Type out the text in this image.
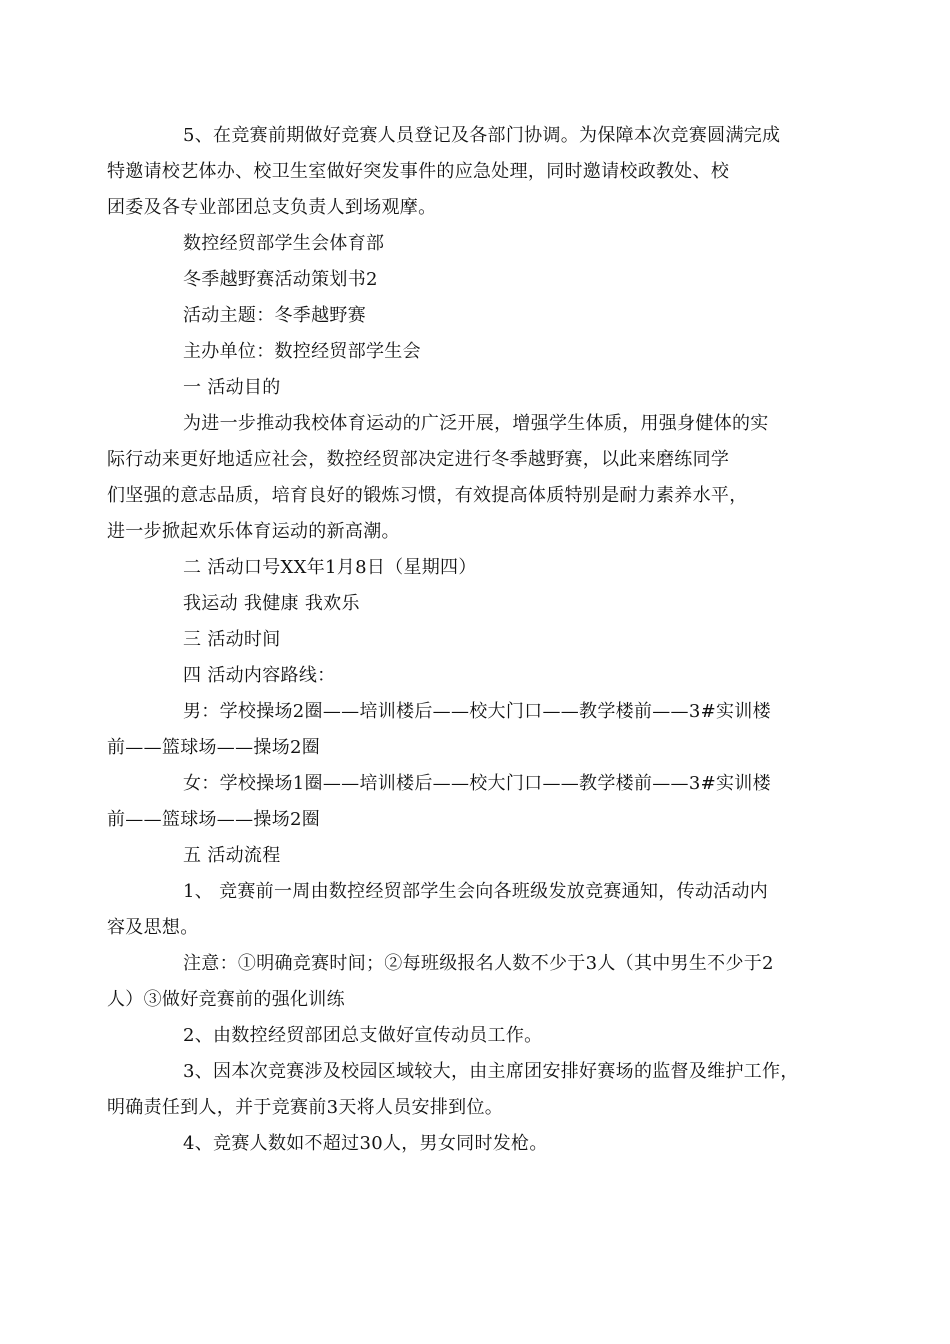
5、在竞赛前期做好竞赛人员登记及各部门协调。为保障本次竞赛圆满完成
特邀请校艺体办、校卫生室做好突发事件的应急处理，同时邀请校政教处、校
团委及各专业部团总支负责人到场观摩。

数控经贸部学生会体育部

冬季越野赛活动策划书2

活动主题：冬季越野赛

主办单位：数控经贸部学生会

一 活动目的

为进一步推动我校体育运动的广泛开展，增强学生体质，用强身健体的实
际行动来更好地适应社会，数控经贸部决定进行冬季越野赛，以此来磨练同学
们坚强的意志品质，培育良好的锻炼习惯，有效提高体质特别是耐力素养水平，
进一步掀起欢乐体育运动的新高潮。

二 活动口号XX年1月8日（星期四）

我运动 我健康 我欢乐

三 活动时间

四 活动内容路线：

男：学校操场2圈——培训楼后——校大门口——教学楼前——3#实训楼
前——篮球场——操场2圈

女：学校操场1圈——培训楼后——校大门口——教学楼前——3#实训楼
前——篮球场——操场2圈

五 活动流程

1、 竞赛前一周由数控经贸部学生会向各班级发放竞赛通知，传动活动内
容及思想。

注意：①明确竞赛时间；②每班级报名人数不少于3人（其中男生不少于2
人）③做好竞赛前的强化训练

2、由数控经贸部团总支做好宣传动员工作。

3、因本次竞赛涉及校园区域较大，由主席团安排好赛场的监督及维护工作，
明确责任到人，并于竞赛前3天将人员安排到位。

4、竞赛人数如不超过30人，男女同时发枪。
